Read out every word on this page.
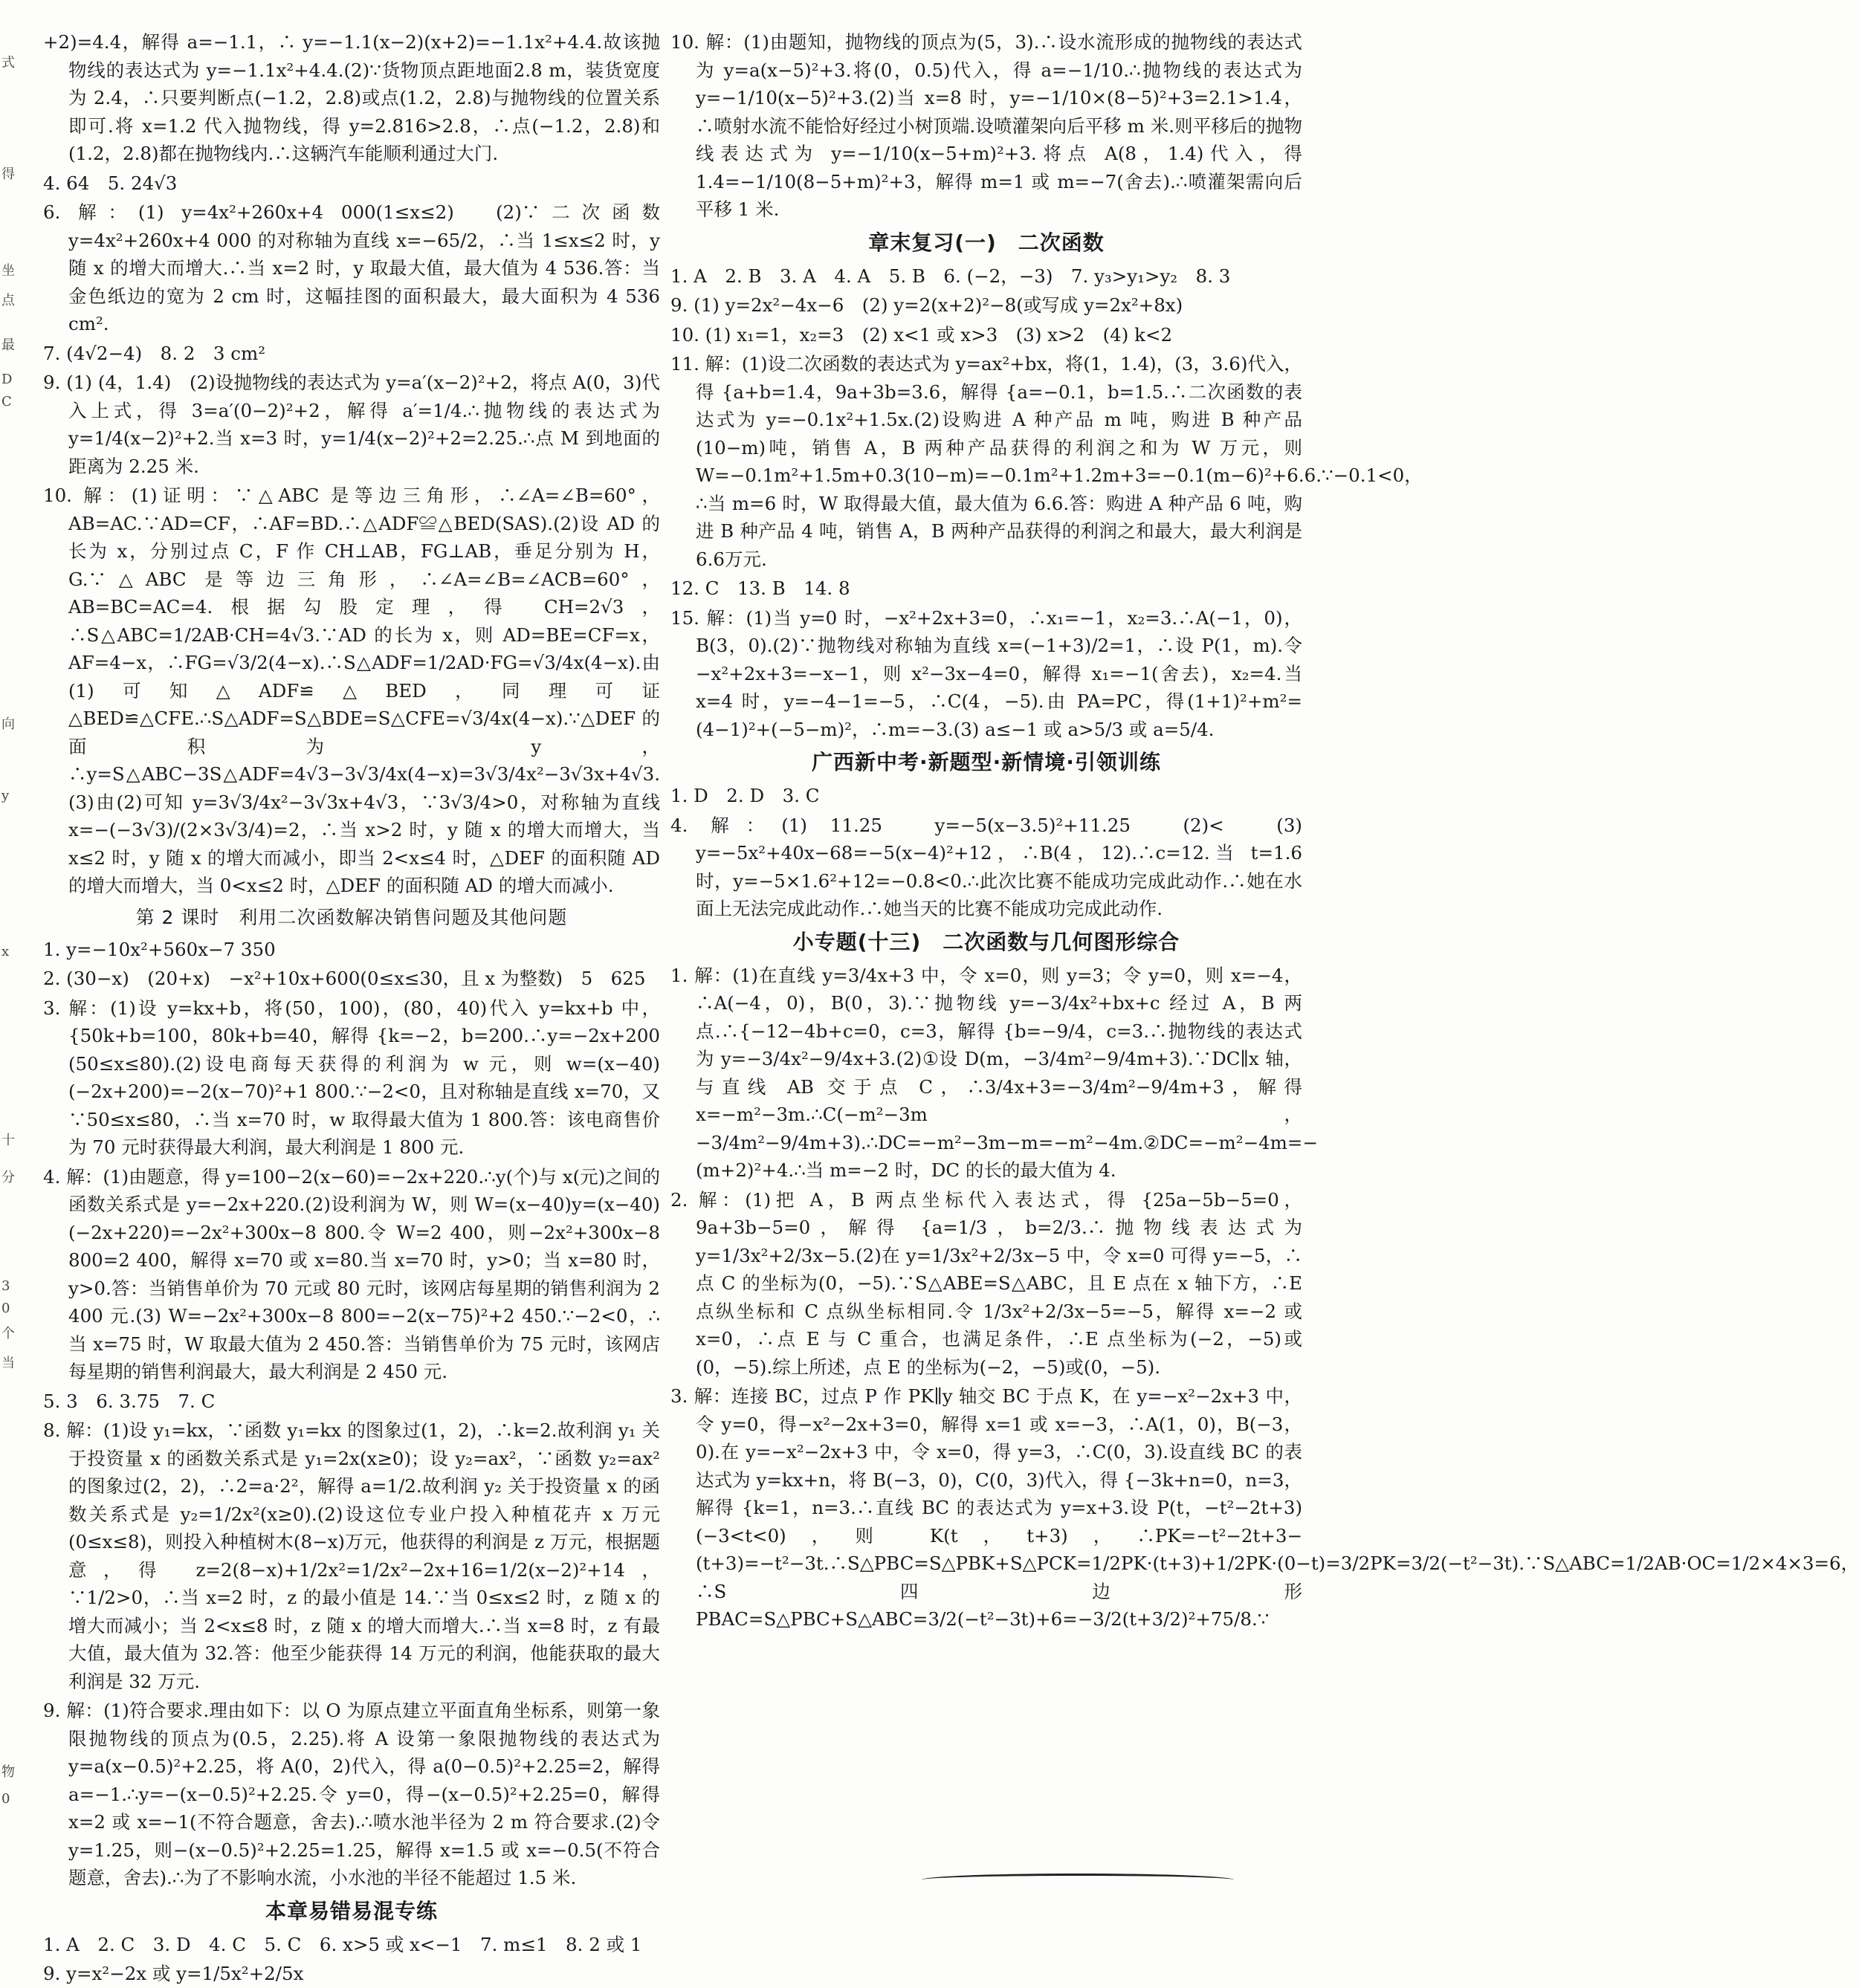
式
得
坐
点
最
D
C
向
y
x
十
分
3
0
个
当
物
0
+2)=4.4，解得 a=−1.1，∴ y=−1.1(x−2)(x+2)=−1.1x²+4.4.故该抛物线的表达式为 y=−1.1x²+4.4.(2)∵货物顶点距地面2.8 m，装货宽度为 2.4，∴只要判断点(−1.2，2.8)或点(1.2，2.8)与抛物线的位置关系即可.将 x=1.2 代入抛物线，得 y=2.816>2.8，∴点(−1.2，2.8)和(1.2，2.8)都在抛物线内.∴这辆汽车能顺利通过大门.
4. 64　5. 24√3
6. 解：(1) y=4x²+260x+4 000(1≤x≤2)　(2)∵二次函数 y=4x²+260x+4 000 的对称轴为直线 x=−65/2，∴当 1≤x≤2 时，y 随 x 的增大而增大.∴当 x=2 时，y 取最大值，最大值为 4 536.答：当金色纸边的宽为 2 cm 时，这幅挂图的面积最大，最大面积为 4 536 cm².
7. (4√2−4)　8. 2　3 cm²
9. (1) (4，1.4)　(2)设抛物线的表达式为 y=a′(x−2)²+2，将点 A(0，3)代入上式，得 3=a′(0−2)²+2，解得 a′=1/4.∴抛物线的表达式为 y=1/4(x−2)²+2.当 x=3 时，y=1/4(x−2)²+2=2.25.∴点 M 到地面的距离为 2.25 米.
10. 解：(1)证明：∵△ABC 是等边三角形，∴∠A=∠B=60°，AB=AC.∵AD=CF，∴AF=BD.∴△ADF≌△BED(SAS).(2)设 AD 的长为 x，分别过点 C，F 作 CH⊥AB，FG⊥AB，垂足分别为 H，G.∵△ABC 是等边三角形，∴∠A=∠B=∠ACB=60°，AB=BC=AC=4.根据勾股定理，得 CH=2√3，∴S△ABC=1/2AB·CH=4√3.∵AD 的长为 x，则 AD=BE=CF=x，AF=4−x，∴FG=√3/2(4−x).∴S△ADF=1/2AD·FG=√3/4x(4−x).由(1)可知△ADF≌△BED，同理可证△BED≌△CFE.∴S△ADF=S△BDE=S△CFE=√3/4x(4−x).∵△DEF 的面积为 y，∴y=S△ABC−3S△ADF=4√3−3√3/4x(4−x)=3√3/4x²−3√3x+4√3.(3)由(2)可知 y=3√3/4x²−3√3x+4√3，∵3√3/4>0，对称轴为直线 x=−(−3√3)/(2×3√3/4)=2，∴当 x>2 时，y 随 x 的增大而增大，当 x≤2 时，y 随 x 的增大而减小，即当 2<x≤4 时，△DEF 的面积随 AD 的增大而增大，当 0<x≤2 时，△DEF 的面积随 AD 的增大而减小.
第 2 课时　利用二次函数解决销售问题及其他问题
1. y=−10x²+560x−7 350
2. (30−x)　(20+x)　−x²+10x+600(0≤x≤30，且 x 为整数)　5　625
3. 解：(1)设 y=kx+b，将(50，100)，(80，40)代入 y=kx+b 中，{50k+b=100，80k+b=40，解得 {k=−2，b=200.∴y=−2x+200 (50≤x≤80).(2)设电商每天获得的利润为 w 元，则 w=(x−40)(−2x+200)=−2(x−70)²+1 800.∵−2<0，且对称轴是直线 x=70，又∵50≤x≤80，∴当 x=70 时，w 取得最大值为 1 800.答：该电商售价为 70 元时获得最大利润，最大利润是 1 800 元.
4. 解：(1)由题意，得 y=100−2(x−60)=−2x+220.∴y(个)与 x(元)之间的函数关系式是 y=−2x+220.(2)设利润为 W，则 W=(x−40)y=(x−40)(−2x+220)=−2x²+300x−8 800.令 W=2 400，则−2x²+300x−8 800=2 400，解得 x=70 或 x=80.当 x=70 时，y>0；当 x=80 时，y>0.答：当销售单价为 70 元或 80 元时，该网店每星期的销售利润为 2 400 元.(3) W=−2x²+300x−8 800=−2(x−75)²+2 450.∵−2<0，∴当 x=75 时，W 取最大值为 2 450.答：当销售单价为 75 元时，该网店每星期的销售利润最大，最大利润是 2 450 元.
5. 3　6. 3.75　7. C
8. 解：(1)设 y₁=kx，∵函数 y₁=kx 的图象过(1，2)，∴k=2.故利润 y₁ 关于投资量 x 的函数关系式是 y₁=2x(x≥0)；设 y₂=ax²，∵函数 y₂=ax² 的图象过(2，2)，∴2=a·2²，解得 a=1/2.故利润 y₂ 关于投资量 x 的函数关系式是 y₂=1/2x²(x≥0).(2)设这位专业户投入种植花卉 x 万元(0≤x≤8)，则投入种植树木(8−x)万元，他获得的利润是 z 万元，根据题意，得 z=2(8−x)+1/2x²=1/2x²−2x+16=1/2(x−2)²+14，∵1/2>0，∴当 x=2 时，z 的最小值是 14.∵当 0≤x≤2 时，z 随 x 的增大而减小；当 2<x≤8 时，z 随 x 的增大而增大.∴当 x=8 时，z 有最大值，最大值为 32.答：他至少能获得 14 万元的利润，他能获取的最大利润是 32 万元.
9. 解：(1)符合要求.理由如下：以 O 为原点建立平面直角坐标系，则第一象限抛物线的顶点为(0.5，2.25).将 A 设第一象限抛物线的表达式为 y=a(x−0.5)²+2.25，将 A(0，2)代入，得 a(0−0.5)²+2.25=2，解得 a=−1.∴y=−(x−0.5)²+2.25.令 y=0，得−(x−0.5)²+2.25=0，解得 x=2 或 x=−1(不符合题意，舍去).∴喷水池半径为 2 m 符合要求.(2)令 y=1.25，则−(x−0.5)²+2.25=1.25，解得 x=1.5 或 x=−0.5(不符合题意，舍去).∴为了不影响水流，小水池的半径不能超过 1.5 米.
本章易错易混专练
1. A　2. C　3. D　4. C　5. C　6. x>5 或 x<−1　7. m≤1　8. 2 或 1
9. y=x²−2x 或 y=1/5x²+2/5x
10. 解：(1)由题知，抛物线的顶点为(5，3).∴设水流形成的抛物线的表达式为 y=a(x−5)²+3.将(0，0.5)代入，得 a=−1/10.∴抛物线的表达式为 y=−1/10(x−5)²+3.(2)当 x=8 时，y=−1/10×(8−5)²+3=2.1>1.4，∴喷射水流不能恰好经过小树顶端.设喷灌架向后平移 m 米.则平移后的抛物线表达式为 y=−1/10(x−5+m)²+3.将点 A(8，1.4)代入，得 1.4=−1/10(8−5+m)²+3，解得 m=1 或 m=−7(舍去).∴喷灌架需向后平移 1 米.
章末复习(一)　二次函数
1. A　2. B　3. A　4. A　5. B　6. (−2，−3)　7. y₃>y₁>y₂　8. 3
9. (1) y=2x²−4x−6　(2) y=2(x+2)²−8(或写成 y=2x²+8x)
10. (1) x₁=1，x₂=3　(2) x<1 或 x>3　(3) x>2　(4) k<2
11. 解：(1)设二次函数的表达式为 y=ax²+bx，将(1，1.4)，(3，3.6)代入，得 {a+b=1.4，9a+3b=3.6，解得 {a=−0.1，b=1.5.∴二次函数的表达式为 y=−0.1x²+1.5x.(2)设购进 A 种产品 m 吨，购进 B 种产品(10−m)吨，销售 A，B 两种产品获得的利润之和为 W 万元，则 W=−0.1m²+1.5m+0.3(10−m)=−0.1m²+1.2m+3=−0.1(m−6)²+6.6.∵−0.1<0，∴当 m=6 时，W 取得最大值，最大值为 6.6.答：购进 A 种产品 6 吨，购进 B 种产品 4 吨，销售 A，B 两种产品获得的利润之和最大，最大利润是 6.6万元.
12. C　13. B　14. 8
15. 解：(1)当 y=0 时，−x²+2x+3=0，∴x₁=−1，x₂=3.∴A(−1，0)，B(3，0).(2)∵抛物线对称轴为直线 x=(−1+3)/2=1，∴设 P(1，m).令 −x²+2x+3=−x−1，则 x²−3x−4=0，解得 x₁=−1(舍去)，x₂=4.当 x=4 时，y=−4−1=−5，∴C(4，−5).由 PA=PC，得(1+1)²+m²=(4−1)²+(−5−m)²，∴m=−3.(3) a≤−1 或 a>5/3 或 a=5/4.
广西新中考·新题型·新情境·引领训练
1. D　2. D　3. C
4. 解：(1) 11.25　y=−5(x−3.5)²+11.25　(2)<　(3) y=−5x²+40x−68=−5(x−4)²+12，∴B(4，12).∴c=12.当 t=1.6 时，y=−5×1.6²+12=−0.8<0.∴此次比赛不能成功完成此动作.∴她在水面上无法完成此动作.∴她当天的比赛不能成功完成此动作.
小专题(十三)　二次函数与几何图形综合
1. 解：(1)在直线 y=3/4x+3 中，令 x=0，则 y=3；令 y=0，则 x=−4，∴A(−4，0)，B(0，3).∵抛物线 y=−3/4x²+bx+c 经过 A，B 两点.∴{−12−4b+c=0，c=3，解得 {b=−9/4，c=3.∴抛物线的表达式为 y=−3/4x²−9/4x+3.(2)①设 D(m，−3/4m²−9/4m+3).∵DC∥x 轴，与直线 AB 交于点 C，∴3/4x+3=−3/4m²−9/4m+3，解得 x=−m²−3m.∴C(−m²−3m，−3/4m²−9/4m+3).∴DC=−m²−3m−m=−m²−4m.②DC=−m²−4m=−(m+2)²+4.∴当 m=−2 时，DC 的长的最大值为 4.
2. 解：(1)把 A，B 两点坐标代入表达式，得 {25a−5b−5=0，9a+3b−5=0，解得 {a=1/3，b=2/3.∴抛物线表达式为 y=1/3x²+2/3x−5.(2)在 y=1/3x²+2/3x−5 中，令 x=0 可得 y=−5，∴点 C 的坐标为(0，−5).∵S△ABE=S△ABC，且 E 点在 x 轴下方，∴E 点纵坐标和 C 点纵坐标相同.令 1/3x²+2/3x−5=−5，解得 x=−2 或 x=0，∴点 E 与 C 重合，也满足条件，∴E 点坐标为(−2，−5)或(0，−5).综上所述，点 E 的坐标为(−2，−5)或(0，−5).
3. 解：连接 BC，过点 P 作 PK∥y 轴交 BC 于点 K，在 y=−x²−2x+3 中，令 y=0，得−x²−2x+3=0，解得 x=1 或 x=−3，∴A(1，0)，B(−3，0).在 y=−x²−2x+3 中，令 x=0，得 y=3，∴C(0，3).设直线 BC 的表达式为 y=kx+n，将 B(−3，0)，C(0，3)代入，得 {−3k+n=0，n=3，解得 {k=1，n=3.∴直线 BC 的表达式为 y=x+3.设 P(t，−t²−2t+3)(−3<t<0)，则 K(t，t+3)，∴PK=−t²−2t+3−(t+3)=−t²−3t.∴S△PBC=S△PBK+S△PCK=1/2PK·(t+3)+1/2PK·(0−t)=3/2PK=3/2(−t²−3t).∵S△ABC=1/2AB·OC=1/2×4×3=6，∴S四边形PBAC=S△PBC+S△ABC=3/2(−t²−3t)+6=−3/2(t+3/2)²+75/8.∵
